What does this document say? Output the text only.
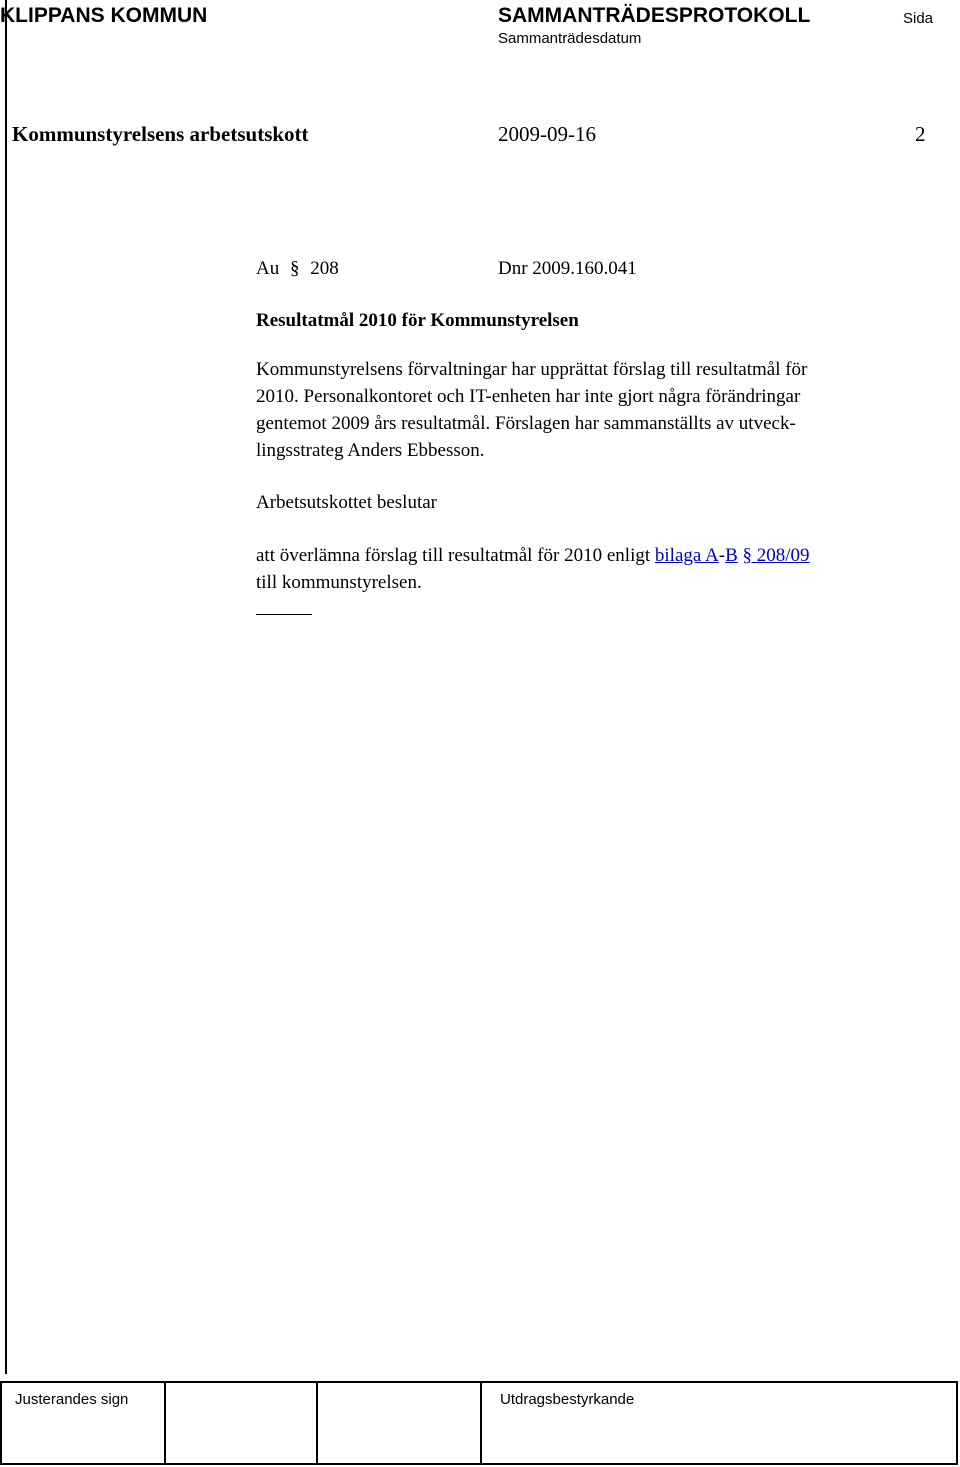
KLIPPANS KOMMUN	SAMMANTRÄDESPROTOKOLL
Sammanträdesdatum
Sida
Kommunstyrelsens arbetsutskott	2009-09-16	2
Au § 208	Dnr 2009.160.041
Resultatmål 2010 för Kommunstyrelsen
Kommunstyrelsens förvaltningar har upprättat förslag till resultatmål för
2010. Personalkontoret och IT-enheten har inte gjort några förändringar
gentemot 2009 års resultatmål. Förslagen har sammanställts av utveck-
lingsstrateg Anders Ebbesson.
Arbetsutskottet beslutar
att överlämna förslag till resultatmål för 2010 enligt bilaga A-B § 208/09
till kommunstyrelsen.
Justerandes sign	Utdragsbestyrkande
